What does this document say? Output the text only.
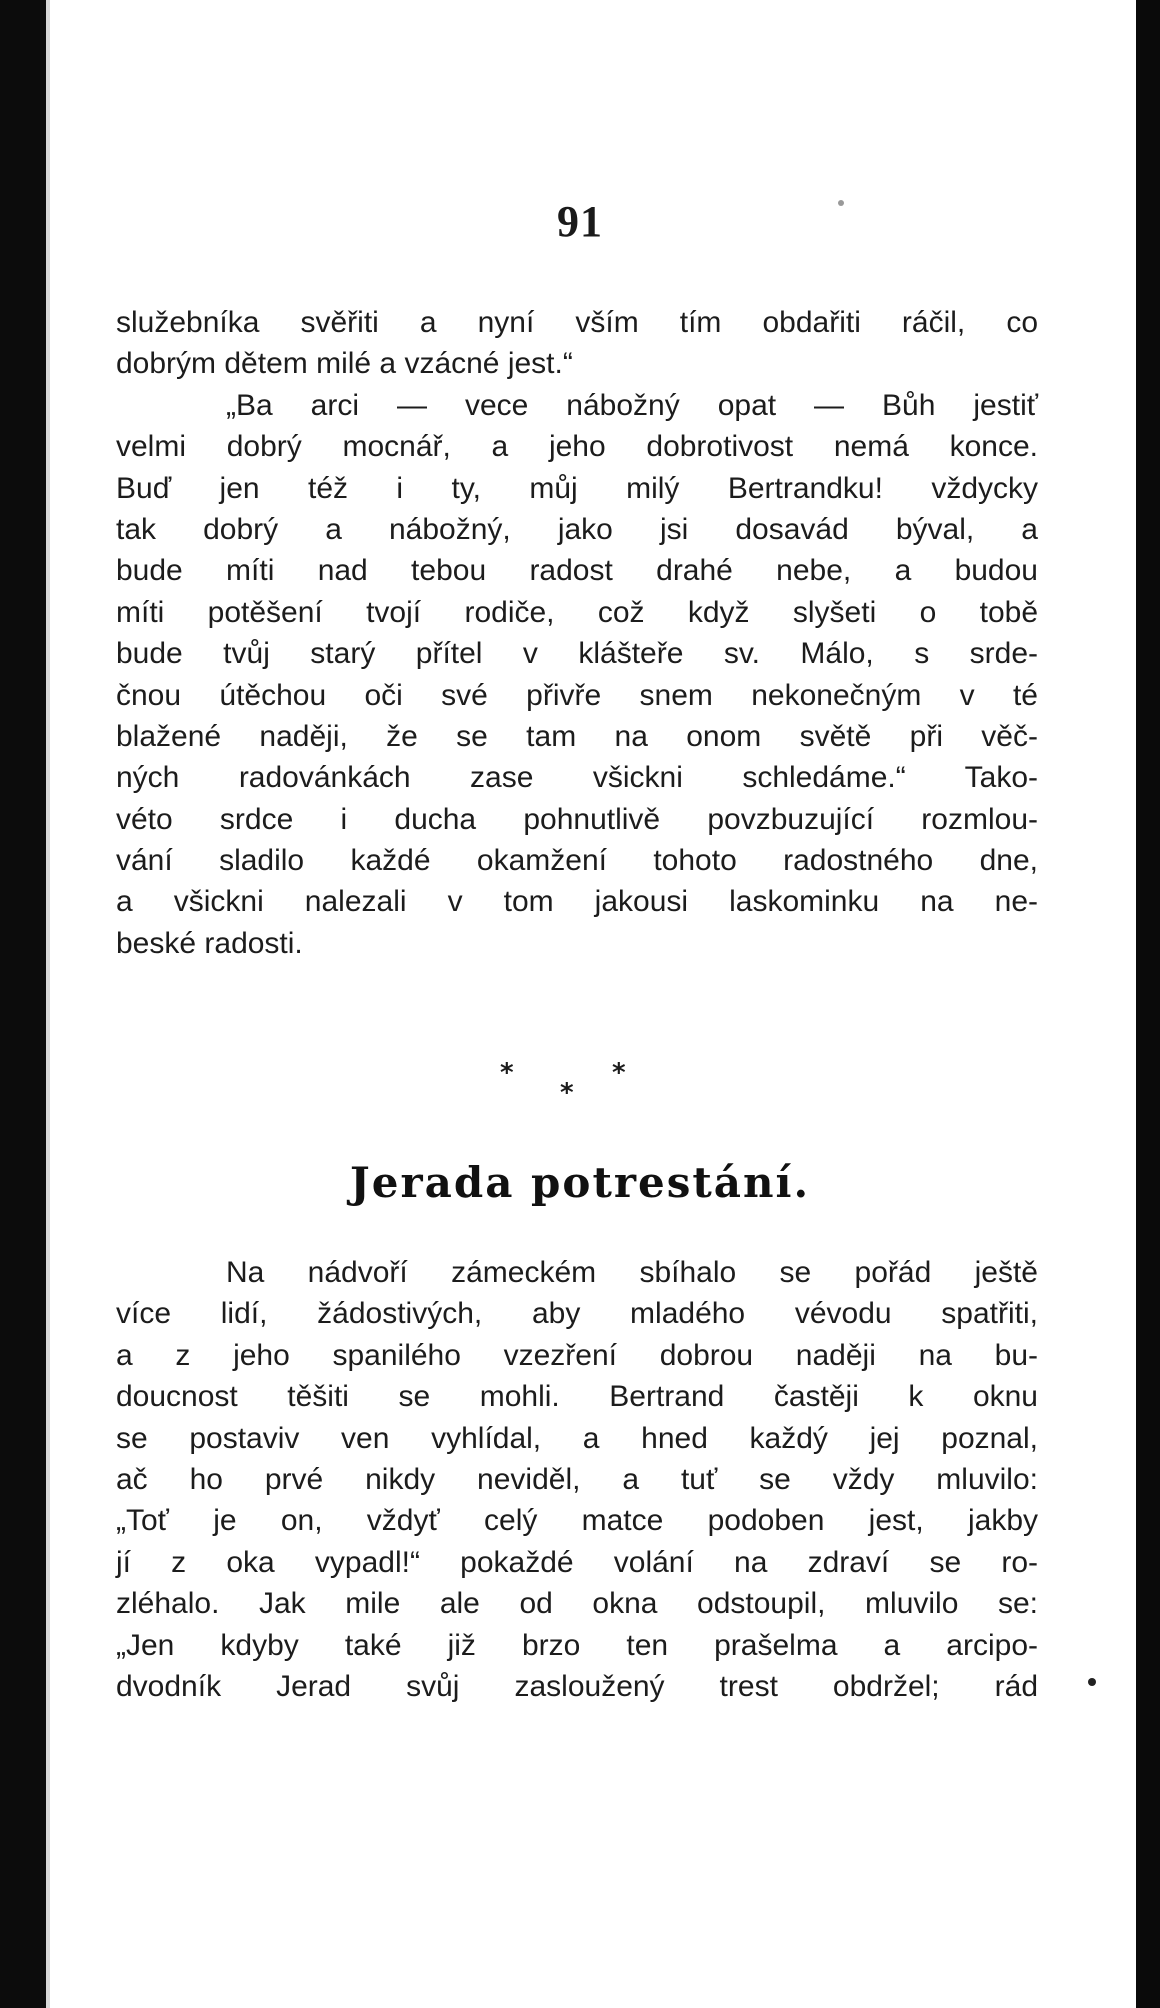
91
služebníka svěřiti a nyní vším tím obdařiti ráčil, co
dobrým dětem milé a vzácné jest.“
„Ba arci — vece nábožný opat — Bůh jestiť
velmi dobrý mocnář, a jeho dobrotivost nemá konce.
Buď jen též i ty, můj milý Bertrandku! vždycky
tak dobrý a nábožný, jako jsi dosavád býval, a
bude míti nad tebou radost drahé nebe, a budou
míti potěšení tvojí rodiče, což když slyšeti o tobě
bude tvůj starý přítel v klášteře sv. Málo, s srde-
čnou útěchou oči své přivře snem nekonečným v té
blažené naději, že se tam na onom světě při věč-
ných radovánkách zase všickni schledáme.“ Tako-
véto srdce i ducha pohnutlivě povzbuzující rozmlou-
vání sladilo každé okamžení tohoto radostného dne,
a všickni nalezali v tom jakousi laskominku na ne-
beské radosti.
*
*
*
Jerada potrestání.
Na nádvoří zámeckém sbíhalo se pořád ještě
více lidí, žádostivých, aby mladého vévodu spatřiti,
a z jeho spanilého vzezření dobrou naději na bu-
doucnost těšiti se mohli. Bertrand častěji k oknu
se postaviv ven vyhlídal, a hned každý jej poznal,
ač ho prvé nikdy neviděl, a tuť se vždy mluvilo:
„Toť je on, vždyť celý matce podoben jest, jakby
jí z oka vypadl!“ pokaždé volání na zdraví se ro-
zléhalo. Jak mile ale od okna odstoupil, mluvilo se:
„Jen kdyby také již brzo ten prašelma a arcipo-
dvodník Jerad svůj zasloužený trest obdržel; rád
